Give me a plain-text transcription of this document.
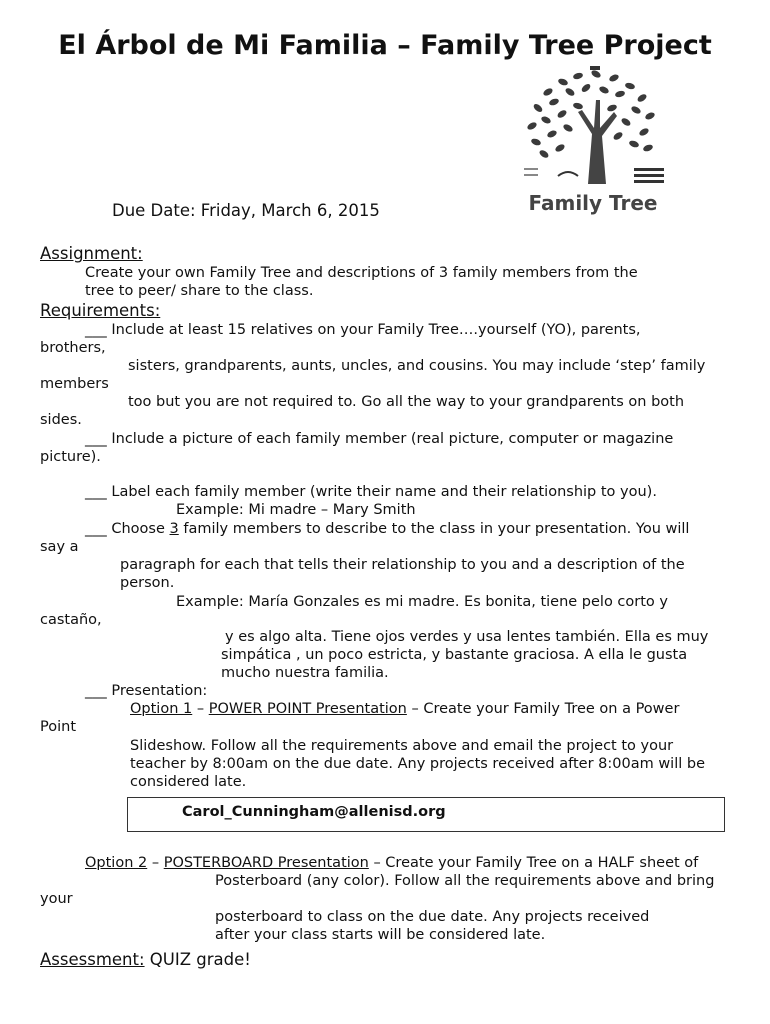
El Árbol de Mi Familia – Family Tree Project
Family Tree
Due Date: Friday, March 6, 2015
Assignment:
Create your own Family Tree and descriptions of 3 family members from the
tree to peer/ share to the class.
Requirements:
___ Include at least 15 relatives on your Family Tree….yourself (YO), parents,
brothers,
sisters, grandparents, aunts, uncles, and cousins. You may include ‘step’ family
members
too but you are not required to. Go all the way to your grandparents on both
sides.
___ Include a picture of each family member (real picture, computer or magazine
picture).
___ Label each family member (write their name and their relationship to you).
Example: Mi madre – Mary Smith
___ Choose 3 family members to describe to the class in your presentation. You will
say a
paragraph for each that tells their relationship to you and a description of the
person.
Example: María Gonzales es mi madre. Es bonita, tiene pelo corto y
castaño,
y es algo alta. Tiene ojos verdes y usa lentes también. Ella es muy
simpática , un poco estricta, y bastante graciosa. A ella le gusta
mucho nuestra familia.
___ Presentation:
Option 1 – POWER POINT Presentation – Create your Family Tree on a Power
Point
Slideshow. Follow all the requirements above and email the project to your
teacher by 8:00am on the due date. Any projects received after 8:00am will be
considered late.
Carol_Cunningham@allenisd.org
Option 2 – POSTERBOARD Presentation – Create your Family Tree on a HALF sheet of
Posterboard (any color). Follow all the requirements above and bring
your
posterboard to class on the due date. Any projects received
after your class starts will be considered late.
Assessment: QUIZ grade!
